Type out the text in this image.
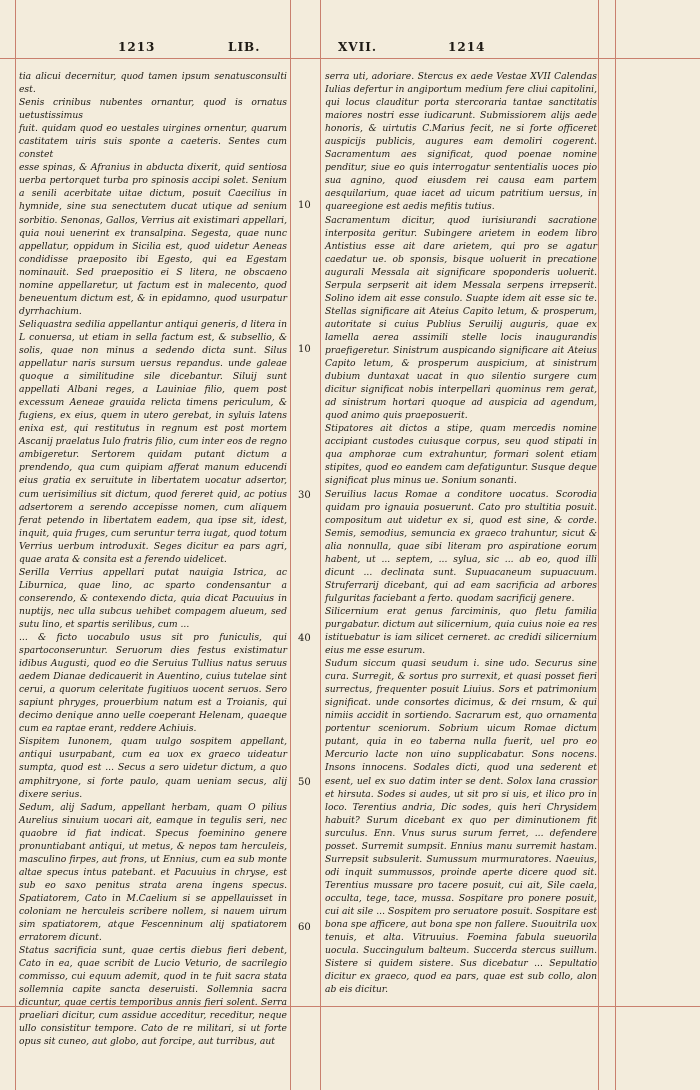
1213	LIB.	XVII.	1214

tia alicui decernitur, quod tamen ipsum senatusconsulti est.

Senis crinibus nubentes ornantur, quod is ornatus uetustissimus

fuit. quidam quod eo uestales uirgines ornentur, quarum castitatem uiris suis sponte a caeteris. Sentes cum constet

esse spinas, & Afranius in abducta dixerit, quid sentiosa uerba pertorquet turba pro spinosis accipi solet. Senium a senili acerbitate uitae dictum, posuit Caecilius in hymnide, sine sua senectutem ducat utique ad senium sorbitio. Senonas, Gallos, Verrius ait existimari appellari, quia noui uenerint ex transalpina. Segesta, quae nunc appellatur, oppidum in Sicilia est, quod uidetur Aeneas condidisse praeposito ibi Egesto, qui ea Egestam nominauit. Sed praepositio ei S litera, ne obscaeno nomine appellaretur, ut factum est in malecento, quod beneuentum dictum est, & in epidamno, quod usurpatur dyrrhachium.

Seliquastra sedilia appellantur antiqui generis, d litera in L conuersa, ut etiam in sella factum est, & subsellio, & solis, quae non minus a sedendo dicta sunt. Silus appellatur naris sursum uersus repandus. unde galeae quoque a similitudine sile dicebantur. Siluij sunt appellati Albani reges, a Lauiniae filio, quem post excessum Aeneae grauida relicta timens periculum, & fugiens, ex eius, quem in utero gerebat, in syluis latens enixa est, qui restitutus in regnum est post mortem Ascanij praelatus Iulo fratris filio, cum inter eos de regno ambigeretur. Sertorem quidam putant dictum a prendendo, qua cum quipiam afferat manum educendi eius gratia ex seruitute in libertatem uocatur adsertor, cum uerisimilius sit dictum, quod fereret quid, ac potius adsertorem a serendo accepisse nomen, cum aliquem ferat petendo in libertatem eadem, qua ipse sit, idest, inquit, quia fruges, cum seruntur terra iugat, quod totum Verrius uerbum introduxit. Seges dicitur ea pars agri, quae arata & consita est a ferendo uidelicet.

Serilla Verrius appellari putat nauigia Istrica, ac Liburnica, quae lino, ac sparto condensantur a conserendo, & contexendo dicta, quia dicat Pacuuius in nuptijs, nec ulla subcus uehibet compagem alueum, sed sutu lino, et spartis serilibus, cum ...

... & ficto uocabulo usus sit pro funiculis, qui spartoconseruntur. Seruorum dies festus existimatur idibus Augusti, quod eo die Seruius Tullius natus seruus aedem Dianae dedicauerit in Auentino, cuius tutelae sint cerui, a quorum celeritate fugitiuos uocent seruos. Sero sapiunt phryges, prouerbium natum est a Troianis, qui decimo denique anno uelle coeperant Helenam, quaeque cum ea raptae erant, reddere Achiuis.

Sispitem Iunonem, quam uulgo sospitem appellant, antiqui usurpabant, cum ea uox ex graeco uideatur sumpta, quod est ... Secus a sero uidetur dictum, a quo amphitryone, si forte paulo, quam ueniam secus, alij dixere serius.

Sedum, alij Sadum, appellant herbam, quam O pilius Aurelius sinuium uocari ait, eamque in tegulis seri, nec quaobre id fiat indicat. Specus foeminino genere pronuntiabant antiqui, ut metus, & nepos tam herculeis, masculino firpes, aut frons, ut Ennius, cum ea sub monte altae specus intus patebant. et Pacuuius in chryse, est sub eo saxo penitus strata arena ingens specus. Spatiatorem, Cato in M.Caelium si se appellauisset in coloniam ne herculeis scribere nollem, si nauem uirum sim spatiatorem, atque Fescenninum alij spatiatorem erratorem dicunt.

Status sacrificia sunt, quae certis diebus fieri debent, Cato in ea, quae scribit de Lucio Veturio, de sacrilegio commisso, cui equum ademit, quod in te fuit sacra stata sollemnia capite sancta deseruisti. Sollemnia sacra dicuntur, quae certis temporibus annis fieri solent. Serra praeliari dicitur, cum assidue acceditur, receditur, neque ullo consistitur tempore. Cato de re militari, si ut forte opus sit cuneo, aut globo, aut forcipe, aut turribus, aut

10
10
30
40
50
60

serra uti, adoriare. Stercus ex aede Vestae XVII Calendas Iulias defertur in angiportum medium fere cliui capitolini, qui locus clauditur porta stercoraria tantae sanctitatis maiores nostri esse iudicarunt. Submissiorem alijs aede honoris, & uirtutis C.Marius fecit, ne si forte officeret auspicijs publicis, augures eam demoliri cogerent. Sacramentum aes significat, quod poenae nomine penditur, siue eo quis interrogatur sententialis uoces pio sua agnino, quod eiusdem rei causa eam partem aesquilarium, quae iacet ad uicum patritium uersus, in quareegione est aedis mefitis tutius.

Sacramentum dicitur, quod iurisiurandi sacratione interposita geritur. Subingere arietem in eodem libro Antistius esse ait dare arietem, qui pro se agatur caedatur ue. ob sponsis, bisque uoluerit in precatione augurali Messala ait significare spoponderis uoluerit. Serpula serpserit ait idem Messala serpens irrepserit. Solino idem ait esse consulo. Suapte idem ait esse sic te. Stellas significare ait Ateius Capito letum, & prosperum, autoritate si cuius Publius Seruilij auguris, quae ex lamella aerea assimili stelle locis inaugurandis praefigeretur. Sinistrum auspicando significare ait Ateius Capito letum, & prosperum auspicium, at sinistrum dubium duntaxat uacat in quo silentio surgere cum dicitur significat nobis interpellari quominus rem gerat, ad sinistrum hortari quoque ad auspicia ad agendum, quod animo quis praeposuerit.

Stipatores ait dictos a stipe, quam mercedis nomine accipiant custodes cuiusque corpus, seu quod stipati in qua amphorae cum extrahuntur, formari solent etiam stipites, quod eo eandem cam defatiguntur. Susque deque significat plus minus ue. Sonium sonanti.

Seruilius lacus Romae a conditore uocatus. Scorodia quidam pro ignauia posuerunt. Cato pro stultitia posuit. compositum aut uidetur ex si, quod est sine, & corde. Semis, semodius, semuncia ex graeco trahuntur, sicut & alia nonnulla, quae sibi literam pro aspiratione eorum habent, ut ... septem, ... sylua, sic ... ab eo, quod illi dicunt ... declinata sunt. Supuacaneum supuacuum. Struferrarij dicebant, qui ad eam sacrificia ad arbores fulguritas faciebant a ferto. quodam sacrificij genere.

Silicernium erat genus farciminis, quo fletu familia purgabatur. dictum aut silicernium, quia cuius noie ea res istituebatur is iam silicet cerneret. ac credidi silicernium eius me esse esurum.

Sudum siccum quasi seudum i. sine udo. Securus sine cura. Surregit, & sortus pro surrexit, et quasi posset fieri surrectus, frequenter posuit Liuius. Sors et patrimonium significat. unde consortes dicimus, & dei rnsum, & qui nimiis accidit in sortiendo. Sacrarum est, quo ornamenta portentur sceniorum. Sobrium uicum Romae dictum putant, quia in eo taberna nulla fuerit, uel pro eo Mercurio lacte non uino supplicabatur. Sons nocens. Insons innocens. Sodales dicti, quod una sederent et esent, uel ex suo datim inter se dent. Solox lana crassior et hirsuta. Sodes si audes, ut sit pro si uis, et ilico pro in loco. Terentius andria, Dic sodes, quis heri Chrysidem habuit? Surum dicebant ex quo per diminutionem fit surculus. Enn. Vnus surus surum ferret, ... defendere posset. Surremit sumpsit. Ennius manu surremit hastam. Surrepsit subsulerit. Sumussum murmuratores. Naeuius, odi inquit summussos, proinde aperte dicere quod sit. Terentius mussare pro tacere posuit, cui ait, Sile caela, occulta, tege, tace, mussa. Sospitare pro ponere posuit, cui ait sile ... Sospitem pro seruatore posuit. Sospitare est bona spe afficere, aut bona spe non fallere. Suouitrila uox tenuis, et alta. Vitruuius. Foemina fabula sueuorila uocula. Succingulum balteum. Succerda stercus suillum. Sistere si quidem sistere. Sus dicebatur ... Sepultatio dicitur ex graeco, quod ea pars, quae est sub collo, alon ab eis dicitur.
